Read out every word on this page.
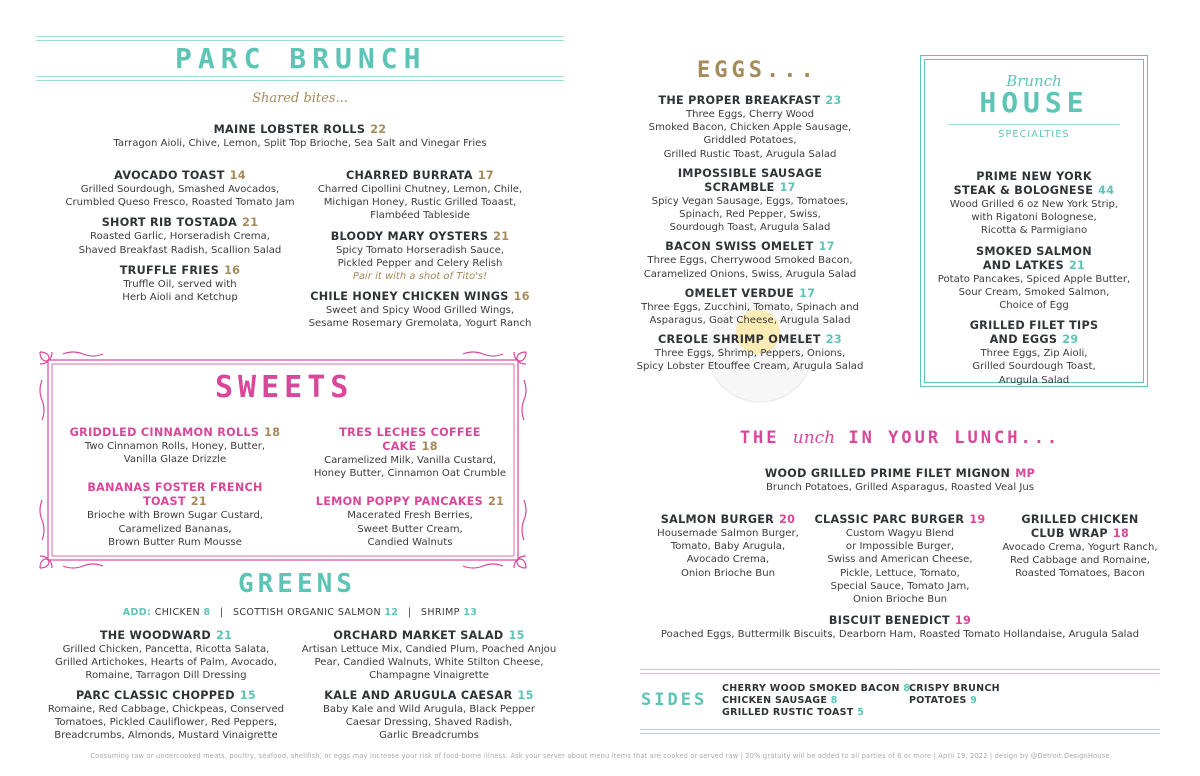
PARC BRUNCH
Shared bites...
MAINE LOBSTER ROLLS 22
Tarragon Aioli, Chive, Lemon, Split Top Brioche, Sea Salt and Vinegar Fries
AVOCADO TOAST 14
Grilled Sourdough, Smashed Avocados,
Crumbled Queso Fresco, Roasted Tomato Jam
SHORT RIB TOSTADA 21
Roasted Garlic, Horseradish Crema,
Shaved Breakfast Radish, Scallion Salad
TRUFFLE FRIES 16
Truffle Oil, served with
Herb Aioli and Ketchup
CHARRED BURRATA 17
Charred Cipollini Chutney, Lemon, Chile,
Michigan Honey, Rustic Grilled Toaast,
Flambéed Tableside
BLOODY MARY OYSTERS 21
Spicy Tomato Horseradish Sauce,
Pickled Pepper and Celery Relish
Pair it with a shot of Tito's!
CHILE HONEY CHICKEN WINGS 16
Sweet and Spicy Wood Grilled Wings,
Sesame Rosemary Gremolata, Yogurt Ranch
SWEETS
GRIDDLED CINNAMON ROLLS 18
Two Cinnamon Rolls, Honey, Butter,
Vanilla Glaze Drizzle
BANANAS FOSTER FRENCH TOAST 21
Brioche with Brown Sugar Custard,
Caramelized Bananas,
Brown Butter Rum Mousse
TRES LECHES COFFEE CAKE 18
Caramelized Milk, Vanilla Custard,
Honey Butter, Cinnamon Oat Crumble
LEMON POPPY PANCAKES 21
Macerated Fresh Berries,
Sweet Butter Cream,
Candied Walnuts
GREENS
ADD: CHICKEN 8 | SCOTTISH ORGANIC SALMON 12 | SHRIMP 13
THE WOODWARD 21
Grilled Chicken, Pancetta, Ricotta Salata,
Grilled Artichokes, Hearts of Palm, Avocado,
Romaine, Tarragon Dill Dressing
PARC CLASSIC CHOPPED 15
Romaine, Red Cabbage, Chickpeas, Conserved
Tomatoes, Pickled Cauliflower, Red Peppers,
Breadcrumbs, Almonds, Mustard Vinaigrette
ORCHARD MARKET SALAD 15
Artisan Lettuce Mix, Candied Plum, Poached Anjou
Pear, Candied Walnuts, White Stilton Cheese,
Champagne Vinaigrette
KALE AND ARUGULA CAESAR 15
Baby Kale and Wild Arugula, Black Pepper
Caesar Dressing, Shaved Radish,
Garlic Breadcrumbs
EGGS...
THE PROPER BREAKFAST 23
Three Eggs, Cherry Wood
Smoked Bacon, Chicken Apple Sausage,
Griddled Potatoes,
Grilled Rustic Toast, Arugula Salad
IMPOSSIBLE SAUSAGE SCRAMBLE 17
Spicy Vegan Sausage, Eggs, Tomatoes,
Spinach, Red Pepper, Swiss,
Sourdough Toast, Arugula Salad
BACON SWISS OMELET 17
Three Eggs, Cherrywood Smoked Bacon,
Caramelized Onions, Swiss, Arugula Salad
OMELET VERDUE 17
Three Eggs, Zucchini, Tomato, Spinach and
Asparagus, Goat Cheese, Arugula Salad
CREOLE SHRIMP OMELET 23
Three Eggs, Shrimp, Peppers, Onions,
Spicy Lobster Etouffee Cream, Arugula Salad
Brunch
HOUSE
SPECIALTIES
PRIME NEW YORK
STEAK & BOLOGNESE 44
Wood Grilled 6 oz New York Strip,
with Rigatoni Bolognese,
Ricotta & Parmigiano
SMOKED SALMON
AND LATKES 21
Potato Pancakes, Spiced Apple Butter,
Sour Cream, Smoked Salmon,
Choice of Egg
GRILLED FILET TIPS
AND EGGS 29
Three Eggs, Zip Aioli,
Grilled Sourdough Toast,
Arugula Salad
THE unch IN YOUR LUNCH...
WOOD GRILLED PRIME FILET MIGNON MP
Brunch Potatoes, Grilled Asparagus, Roasted Veal Jus
SALMON BURGER 20
Housemade Salmon Burger,
Tomato, Baby Arugula,
Avocado Crema,
Onion Brioche Bun
CLASSIC PARC BURGER 19
Custom Wagyu Blend
or Impossible Burger,
Swiss and American Cheese,
Pickle, Lettuce, Tomato,
Special Sauce, Tomato Jam,
Onion Brioche Bun
GRILLED CHICKEN
CLUB WRAP 18
Avocado Crema, Yogurt Ranch,
Red Cabbage and Romaine,
Roasted Tomatoes, Bacon
BISCUIT BENEDICT 19
Poached Eggs, Buttermilk Biscuits, Dearborn Ham, Roasted Tomato Hollandaise, Arugula Salad
SIDES
CHERRY WOOD SMOKED BACON 8
CHICKEN SAUSAGE 8
GRILLED RUSTIC TOAST 5
CRISPY BRUNCH
POTATOES 9
Consuming raw or undercooked meats, poultry, seafood, shellfish, or eggs may increase your risk of food-borne illness. Ask your server about menu items that are cooked or served raw | 20% gratuity will be added to all parties of 6 or more | April 19, 2022 | design by @Detroit.DesignHouse
